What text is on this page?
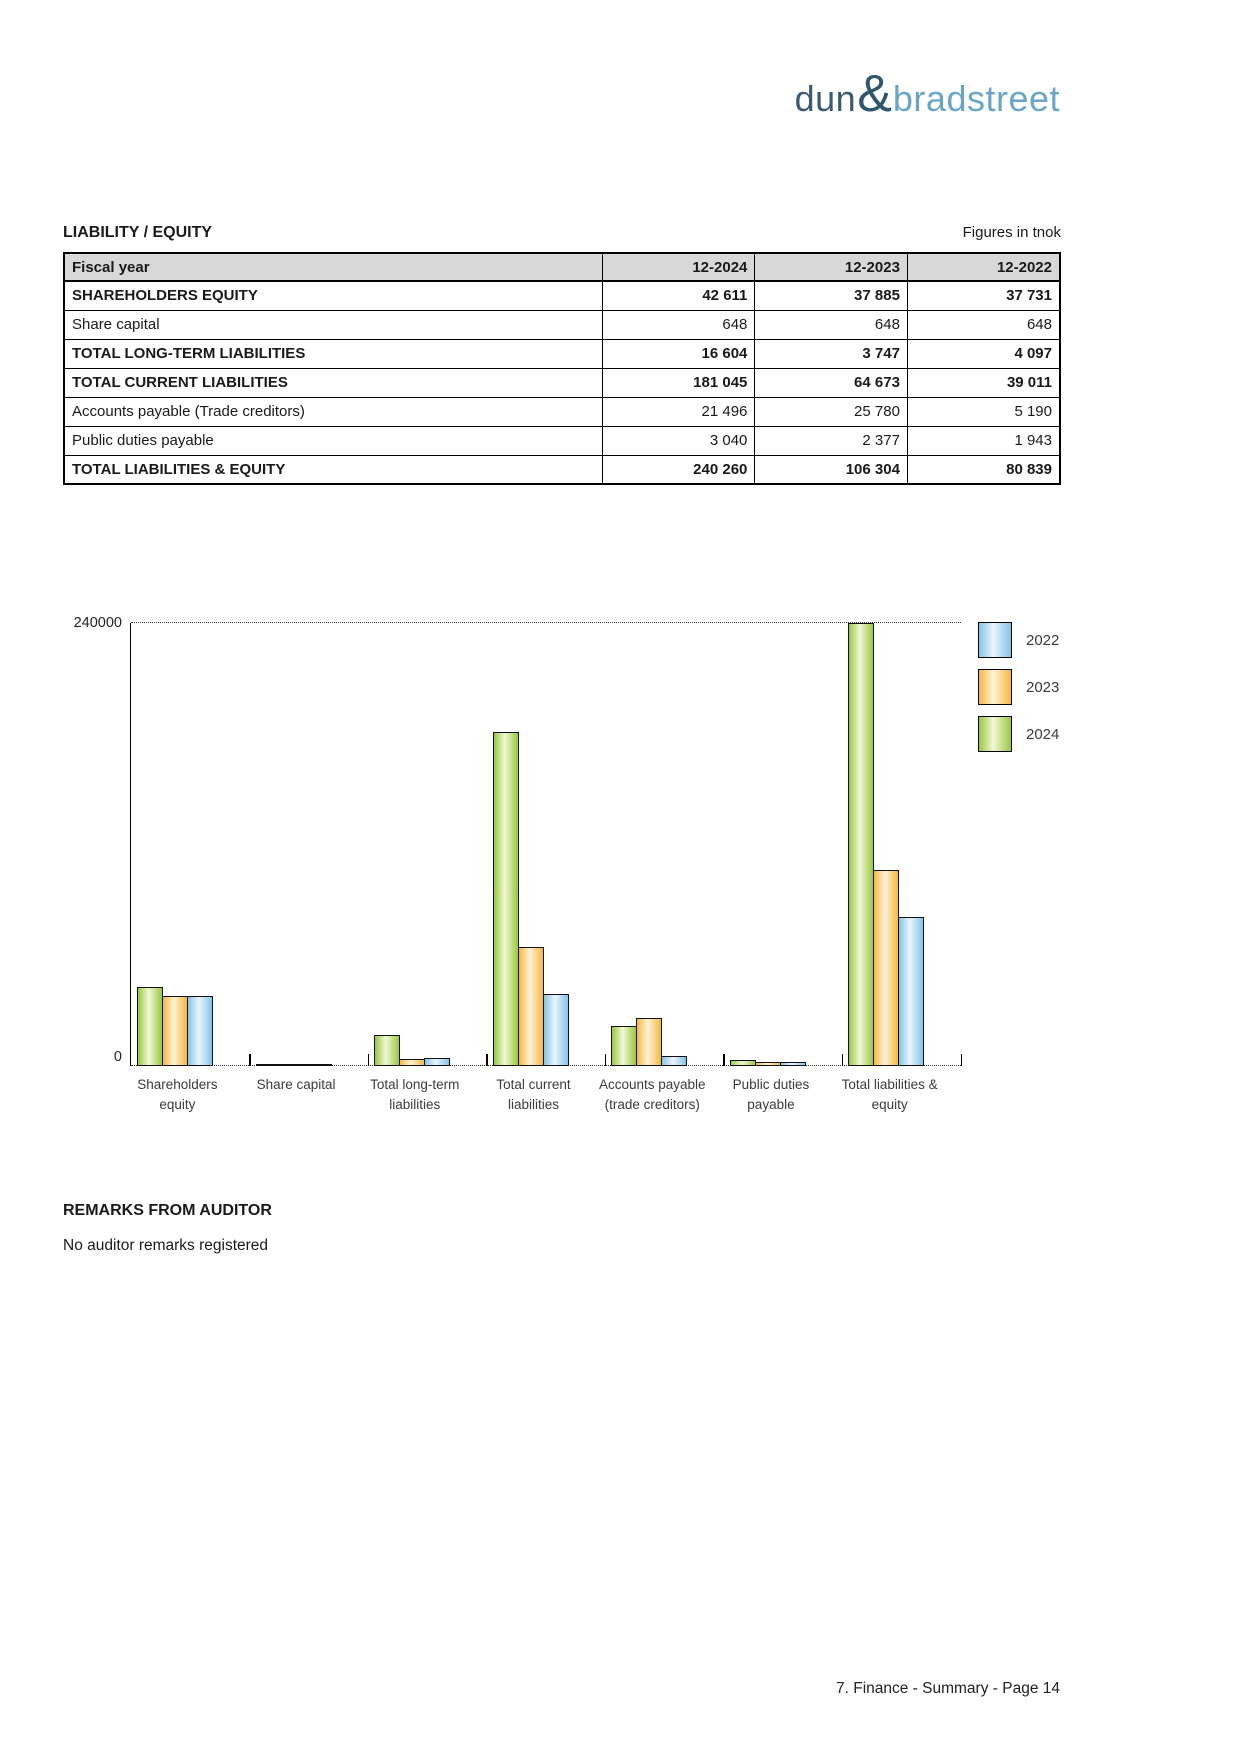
dun & bradstreet
LIABILITY / EQUITY	Figures in tnok
Fiscal year	12-2024	12-2023	12-2022
SHAREHOLDERS EQUITY	42 611	37 885	37 731
Share capital	648	648	648
TOTAL LONG-TERM LIABILITIES	16 604	3 747	4 097
TOTAL CURRENT LIABILITIES	181 045	64 673	39 011
Accounts payable (Trade creditors)	21 496	25 780	5 190
Public duties payable	3 040	2 377	1 943
TOTAL LIABILITIES & EQUITY	240 260	106 304	80 839
240000
0
Shareholders
equity
Share capital	Total long-term
liabilities
Total current
liabilities
Accounts payable
(trade creditors)
Public duties
payable
Total liabilities &
equity
2022
2023
2024
REMARKS FROM AUDITOR
No auditor remarks registered
7. Finance - Summary - Page 14
